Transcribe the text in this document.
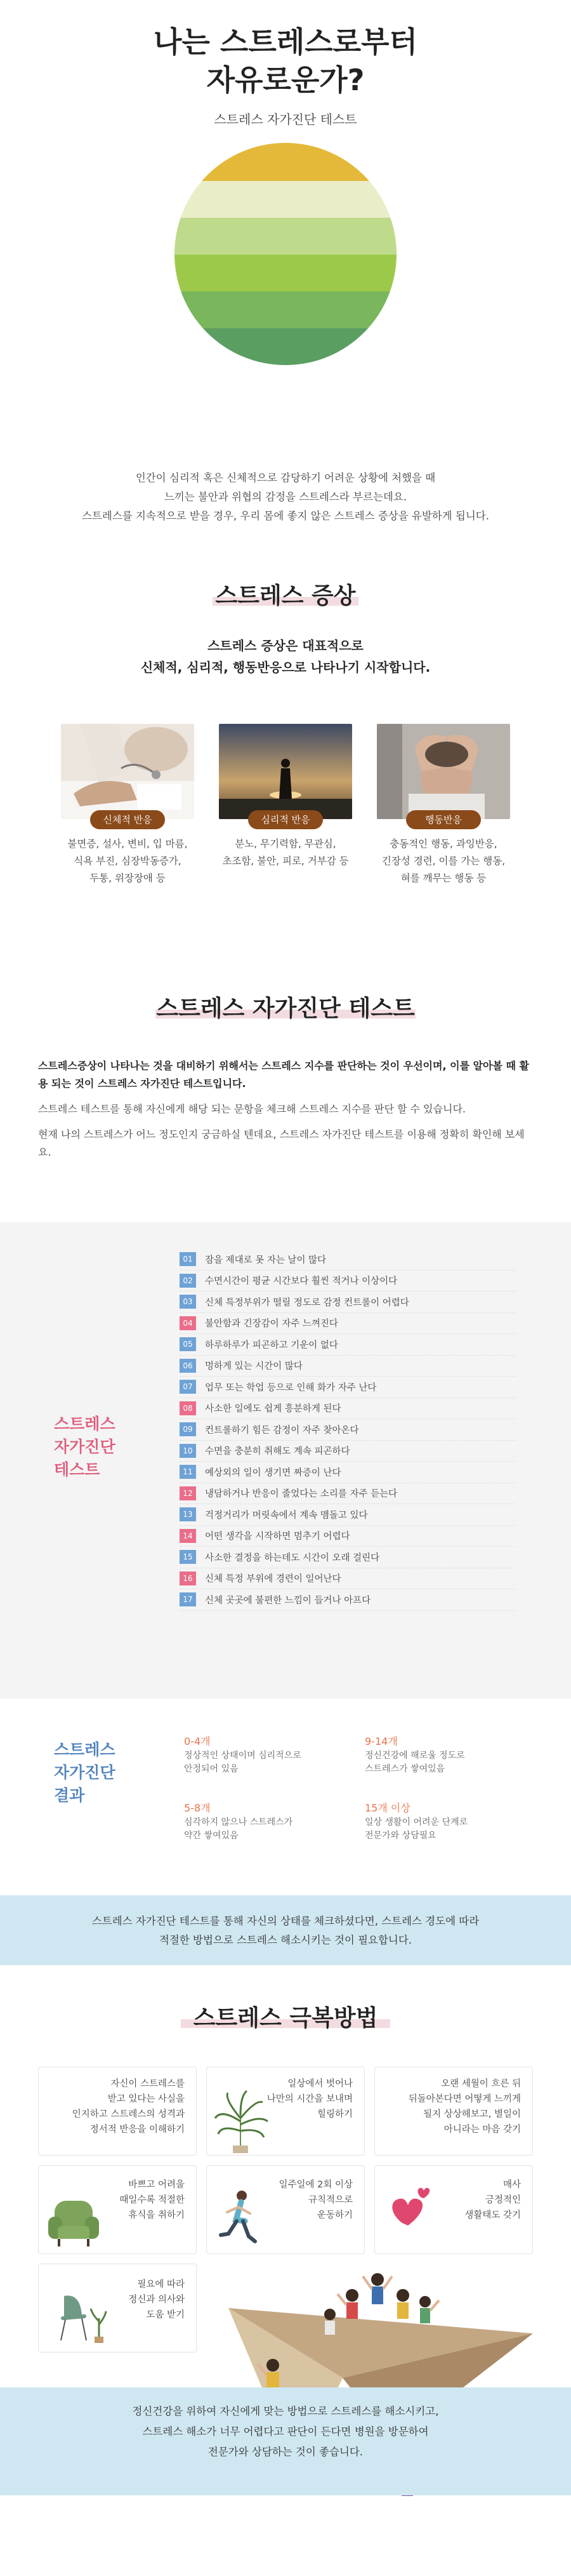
나는 스트레스로부터
자유로운가?
스트레스 자가진단 테스트
인간이 심리적 혹은 신체적으로 감당하기 어려운 상황에 처했을 때
느끼는 불안과 위협의 감정을 스트레스라 부르는데요.
스트레스를 지속적으로 받을 경우, 우리 몸에 좋지 않은 스트레스 증상을 유발하게 됩니다.
스트레스 증상
스트레스 증상은 대표적으로
신체적, 심리적, 행동반응으로 나타나기 시작합니다.
신체적 반응
불면증, 설사, 변비, 입 마름,
식욕 부진, 심장박동증가,
두통, 위장장애 등
심리적 반응
분노, 무기력함, 무관심,
초조함, 불안, 피로, 거부감 등
행동반응
충동적인 행동, 과잉반응,
긴장성 경련, 이를 가는 행동,
혀를 깨무는 행동 등
스트레스 자가진단 테스트

스트레스증상이 나타나는 것을 대비하기 위해서는 스트레스 지수를 판단하는 것이 우선이며, 이를 알아볼 때 활용 되는 것이 스트레스 자가진단 테스트입니다.

스트레스 테스트를 통해 자신에게 해당 되는 문항을 체크해 스트레스 지수를 판단 할 수 있습니다.

현재 나의 스트레스가 어느 정도인지 궁금하실 텐데요, 스트레스 자가진단 테스트를 이용해 정확히 확인해 보세요.

스트레스
자가진단
테스트
01	잠을 제대로 못 자는 날이 많다
02	수면시간이 평균 시간보다 훨씬 적거나 이상이다
03	신체 특정부위가 떨릴 정도로 감정 컨트롤이 어렵다
04	불안함과 긴장감이 자주 느껴진다
05	하루하루가 피곤하고 기운이 없다
06	멍하게 있는 시간이 많다
07	업무 또는 학업 등으로 인해 화가 자주 난다
08	사소한 일에도 쉽게 흥분하게 된다
09	컨트롤하기 힘든 감정이 자주 찾아온다
10	수면을 충분히 취해도 계속 피곤하다
11	예상외의 일이 생기면 짜증이 난다
12	냉담하거나 반응이 줄었다는 소리를 자주 듣는다
13	걱정거리가 머릿속에서 계속 맴돌고 있다
14	어떤 생각을 시작하면 멈추기 어렵다
15	사소한 결정을 하는데도 시간이 오래 걸린다
16	신체 특정 부위에 경련이 일어난다
17	신체 곳곳에 불편한 느낌이 들거나 아프다
스트레스
자가진단
결과
0-4개
정상적인 상태이며 심리적으로
안정되어 있음
9-14개
정신건강에 해로울 정도로
스트레스가 쌓여있음
5-8개
심각하지 않으나 스트레스가
약간 쌓여있음
15개 이상
일상 생활이 어려운 단계로
전문가와 상담필요
스트레스 자가진단 테스트를 통해 자신의 상태를 체크하셨다면, 스트레스 경도에 따라
적절한 방법으로 스트레스 해소시키는 것이 필요합니다.
스트레스 극복방법
자신이 스트레스를
받고 있다는 사실을
인지하고 스트레스의 성격과
정서적 반응을 이해하기
일상에서 벗어나
나만의 시간을 보내며
힐링하기
오랜 세월이 흐른 뒤
뒤돌아본다면 어떻게 느끼게
될지 상상해보고, 별일이
아니라는 마음 갖기
바쁘고 어려울
때일수록 적절한
휴식을 취하기
일주일에 2회 이상
규칙적으로
운동하기
매사
긍정적인
생활태도 갖기
필요에 따라
정신과 의사와
도움 받기
정신건강을 위하여 자신에게 맞는 방법으로 스트레스를 해소시키고,
스트레스 해소가 너무 어렵다고 판단이 든다면 병원을 방문하여
전문가와 상담하는 것이 좋습니다.
